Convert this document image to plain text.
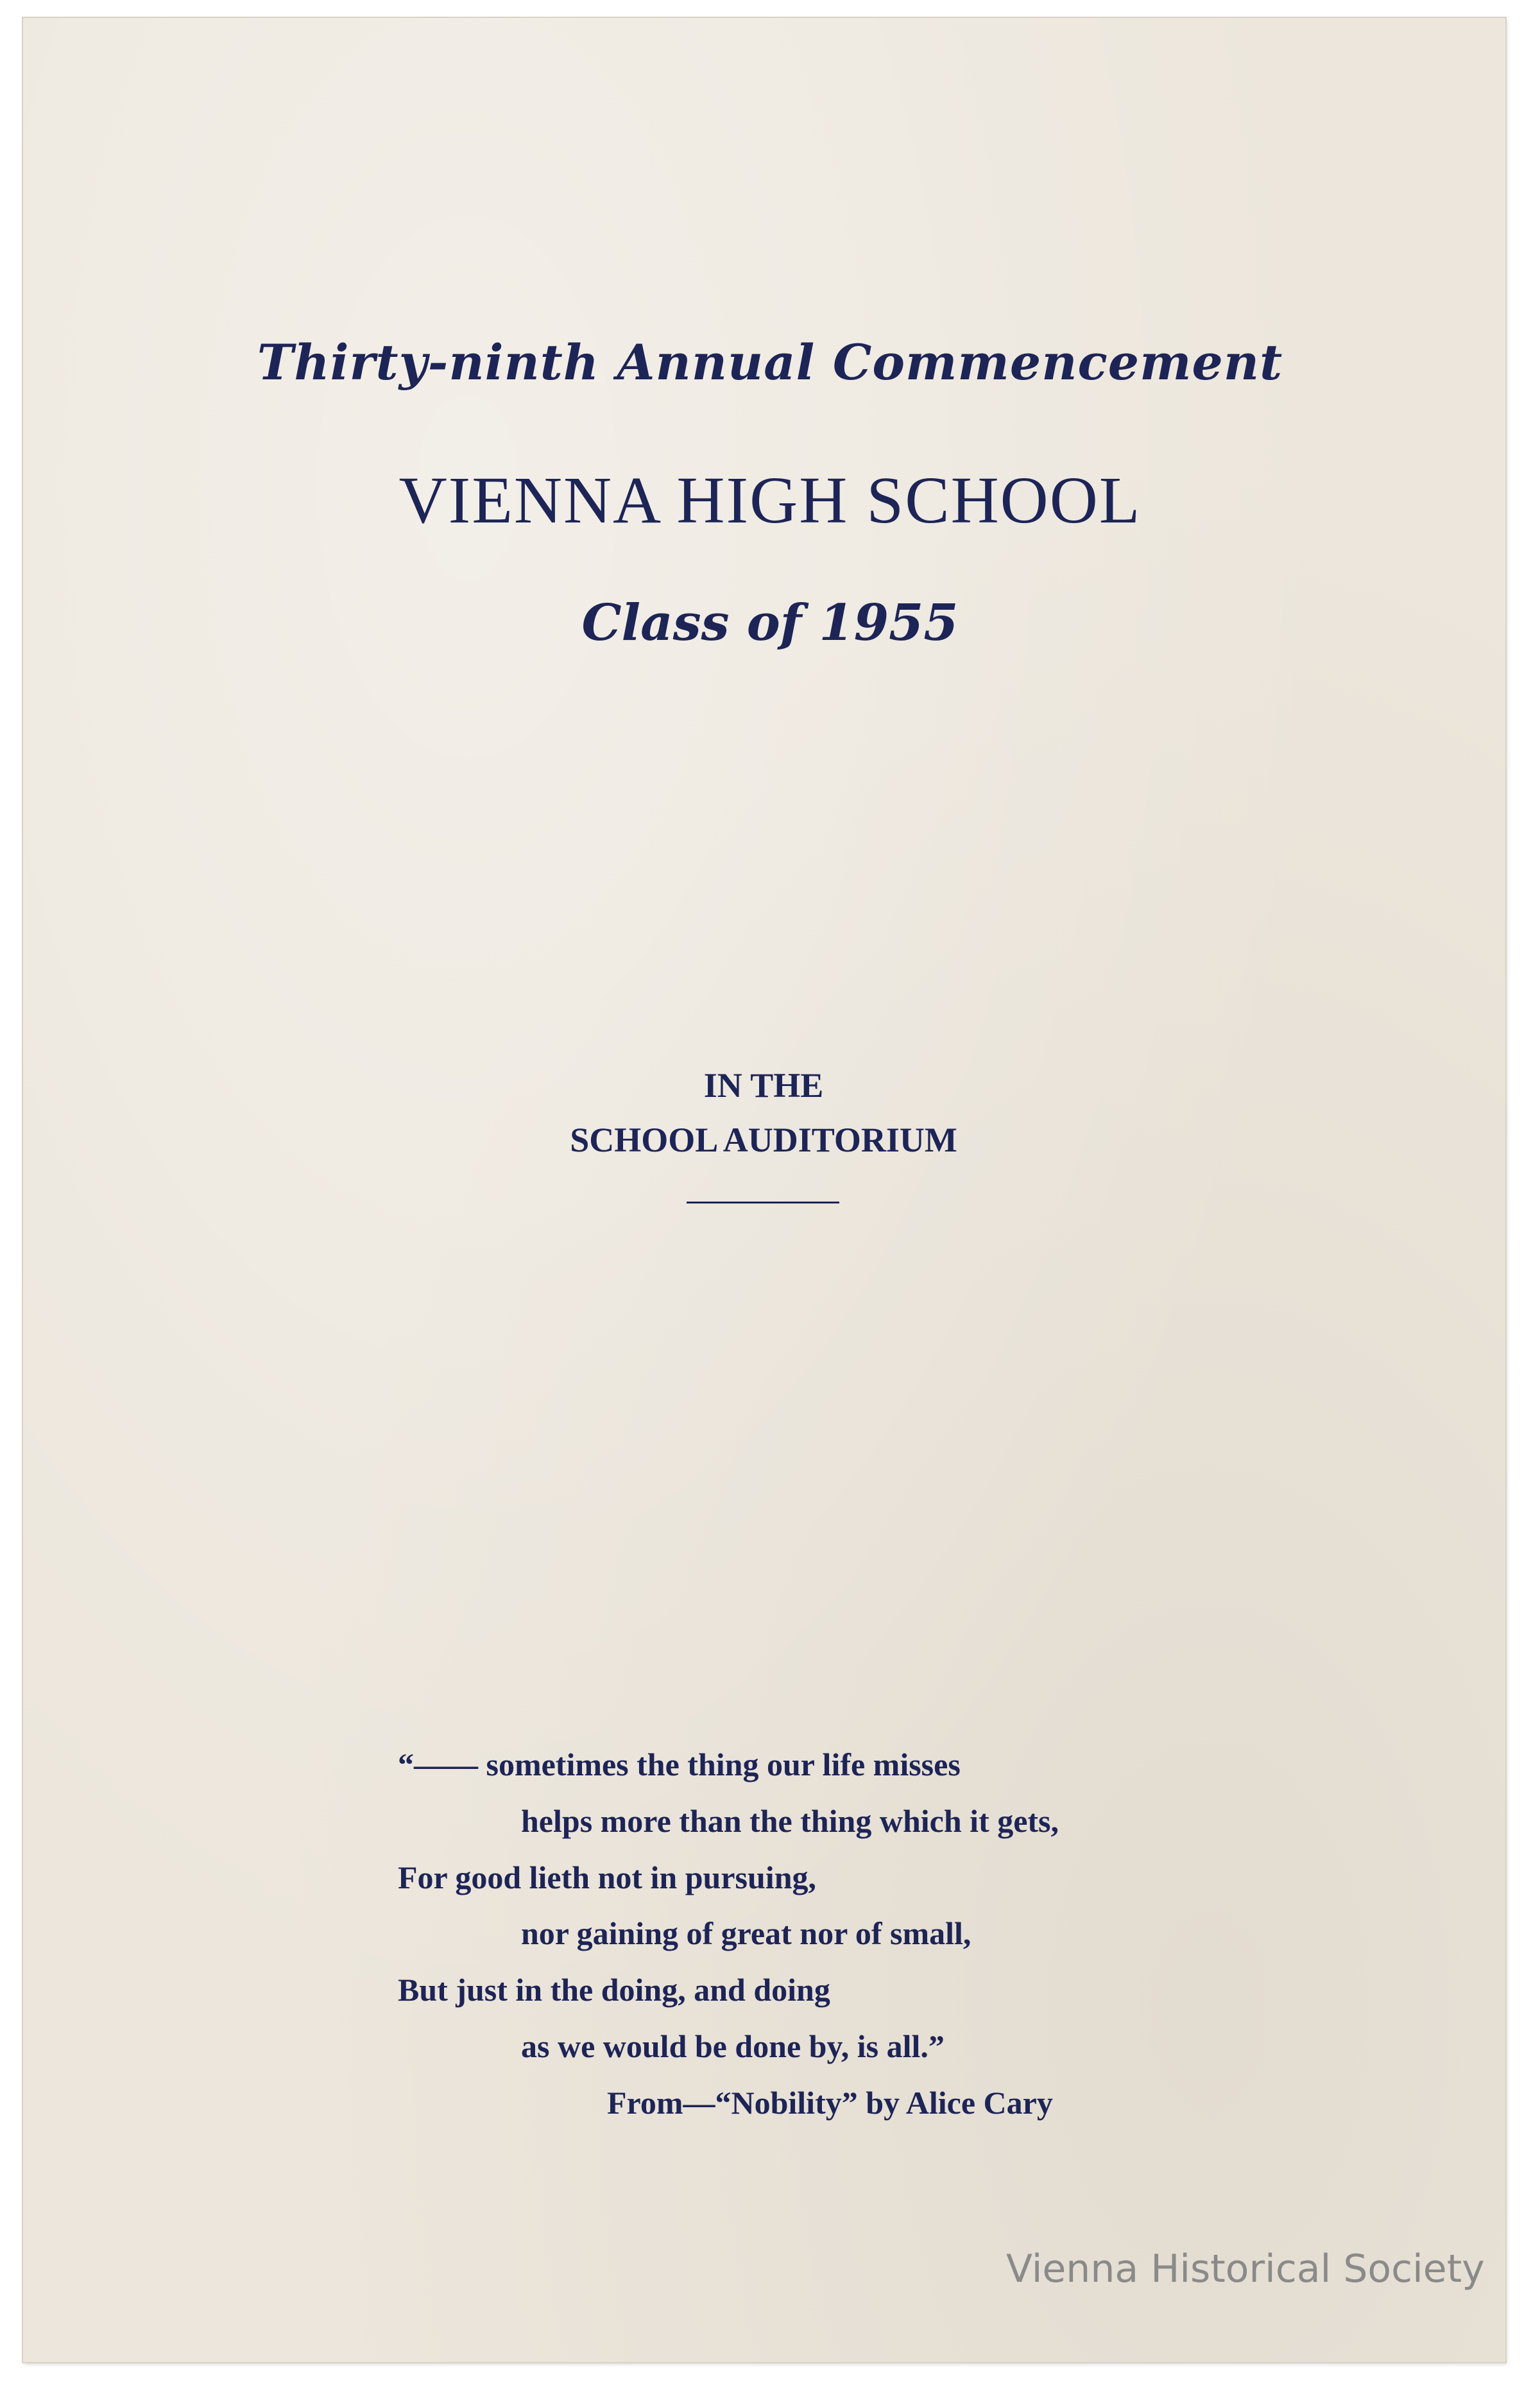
Thirty-ninth Annual Commencement
VIENNA HIGH SCHOOL
Class of 1955
IN THE
SCHOOL AUDITORIUM
“—— sometimes the thing our life misses
helps more than the thing which it gets,
For good lieth not in pursuing,
nor gaining of great nor of small,
But just in the doing, and doing
as we would be done by, is all.”
From—“Nobility” by Alice Cary
Vienna Historical Society
